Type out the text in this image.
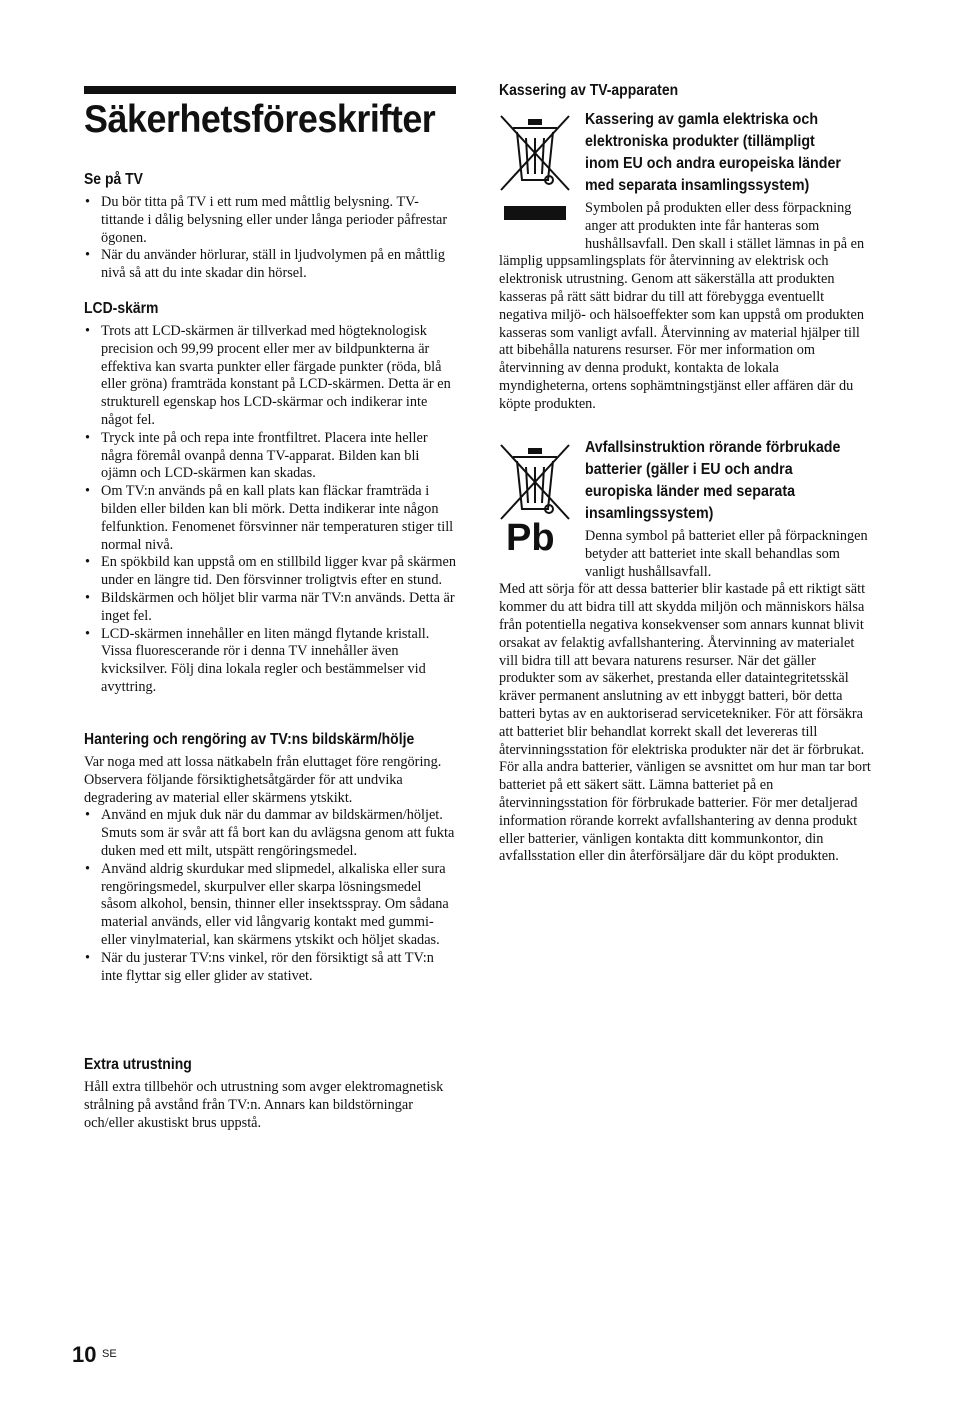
Säkerhetsföreskrifter
Se på TV
• Du bör titta på TV i ett rum med måttlig belysning. TV-tittande i dålig belysning eller under långa perioder påfrestar ögonen.
• När du använder hörlurar, ställ in ljudvolymen på en måttlig nivå så att du inte skadar din hörsel.
LCD-skärm
• Trots att LCD-skärmen är tillverkad med högteknologisk precision och 99,99 procent eller mer av bildpunkterna är effektiva kan svarta punkter eller färgade punkter (röda, blå eller gröna) framträda konstant på LCD-skärmen. Detta är en strukturell egenskap hos LCD-skärmar och indikerar inte något fel.
• Tryck inte på och repa inte frontfiltret. Placera inte heller några föremål ovanpå denna TV-apparat. Bilden kan bli ojämn och LCD-skärmen kan skadas.
• Om TV:n används på en kall plats kan fläckar framträda i bilden eller bilden kan bli mörk. Detta indikerar inte någon felfunktion. Fenomenet försvinner när temperaturen stiger till normal nivå.
• En spökbild kan uppstå om en stillbild ligger kvar på skärmen under en längre tid. Den försvinner troligtvis efter en stund.
• Bildskärmen och höljet blir varma när TV:n används. Detta är inget fel.
• LCD-skärmen innehåller en liten mängd flytande kristall. Vissa fluorescerande rör i denna TV innehåller även kvicksilver. Följ dina lokala regler och bestämmelser vid avyttring.
Hantering och rengöring av TV:ns bildskärm/hölje

Var noga med att lossa nätkabeln från eluttaget före rengöring.

Observera följande försiktighetsåtgärder för att undvika degradering av material eller skärmens ytskikt.

• Använd en mjuk duk när du dammar av bildskärmen/höljet. Smuts som är svår att få bort kan du avlägsna genom att fukta duken med ett milt, utspätt rengöringsmedel.
• Använd aldrig skurdukar med slipmedel, alkaliska eller sura rengöringsmedel, skurpulver eller skarpa lösningsmedel såsom alkohol, bensin, thinner eller insektsspray. Om sådana material används, eller vid långvarig kontakt med gummi- eller vinylmaterial, kan skärmens ytskikt och höljet skadas.
• När du justerar TV:ns vinkel, rör den försiktigt så att TV:n inte flyttar sig eller glider av stativet.
Extra utrustning

Håll extra tillbehör och utrustning som avger elektromagnetisk strålning på avstånd från TV:n. Annars kan bildstörningar och/eller akustiskt brus uppstå.

Kassering av TV-apparaten
Kassering av gamla elektriska och elektroniska produkter (tillämpligt inom EU och andra europeiska länder med separata insamlingssystem)

Symbolen på produkten eller dess förpackning anger att produkten inte får hanteras som hushållsavfall. Den skall i stället lämnas in på en lämplig uppsamlingsplats för återvinning av elektrisk och elektronisk utrustning. Genom att säkerställa att produkten kasseras på rätt sätt bidrar du till att förebygga eventuellt negativa miljö- och hälsoeffekter som kan uppstå om produkten kasseras som vanligt avfall. Återvinning av material hjälper till att bibehålla naturens resurser. För mer information om återvinning av denna produkt, kontakta de lokala myndigheterna, ortens sophämtningstjänst eller affären där du köpte produkten.

Pb
Avfallsinstruktion rörande förbrukade batterier (gäller i EU och andra europiska länder med separata insamlingssystem)

Denna symbol på batteriet eller på förpackningen betyder att batteriet inte skall behandlas som vanligt hushållsavfall.

Med att sörja för att dessa batterier blir kastade på ett riktigt sätt kommer du att bidra till att skydda miljön och människors hälsa från potentiella negativa konsekvenser som annars kunnat blivit orsakat av felaktig avfallshantering. Återvinning av materialet vill bidra till att bevara naturens resurser. När det gäller produkter som av säkerhet, prestanda eller dataintegritetsskäl kräver permanent anslutning av ett inbyggt batteri, bör detta batteri bytas av en auktoriserad servicetekniker. För att försäkra att batteriet blir behandlat korrekt skall det levereras till återvinningsstation för elektriska produkter när det är förbrukat. För alla andra batterier, vänligen se avsnittet om hur man tar bort batteriet på ett säkert sätt. Lämna batteriet på en återvinningsstation för förbrukade batterier. För mer detaljerad information rörande korrekt avfallshantering av denna produkt eller batterier, vänligen kontakta ditt kommunkontor, din avfallsstation eller din återförsäljare där du köpt produkten.

10 SE
